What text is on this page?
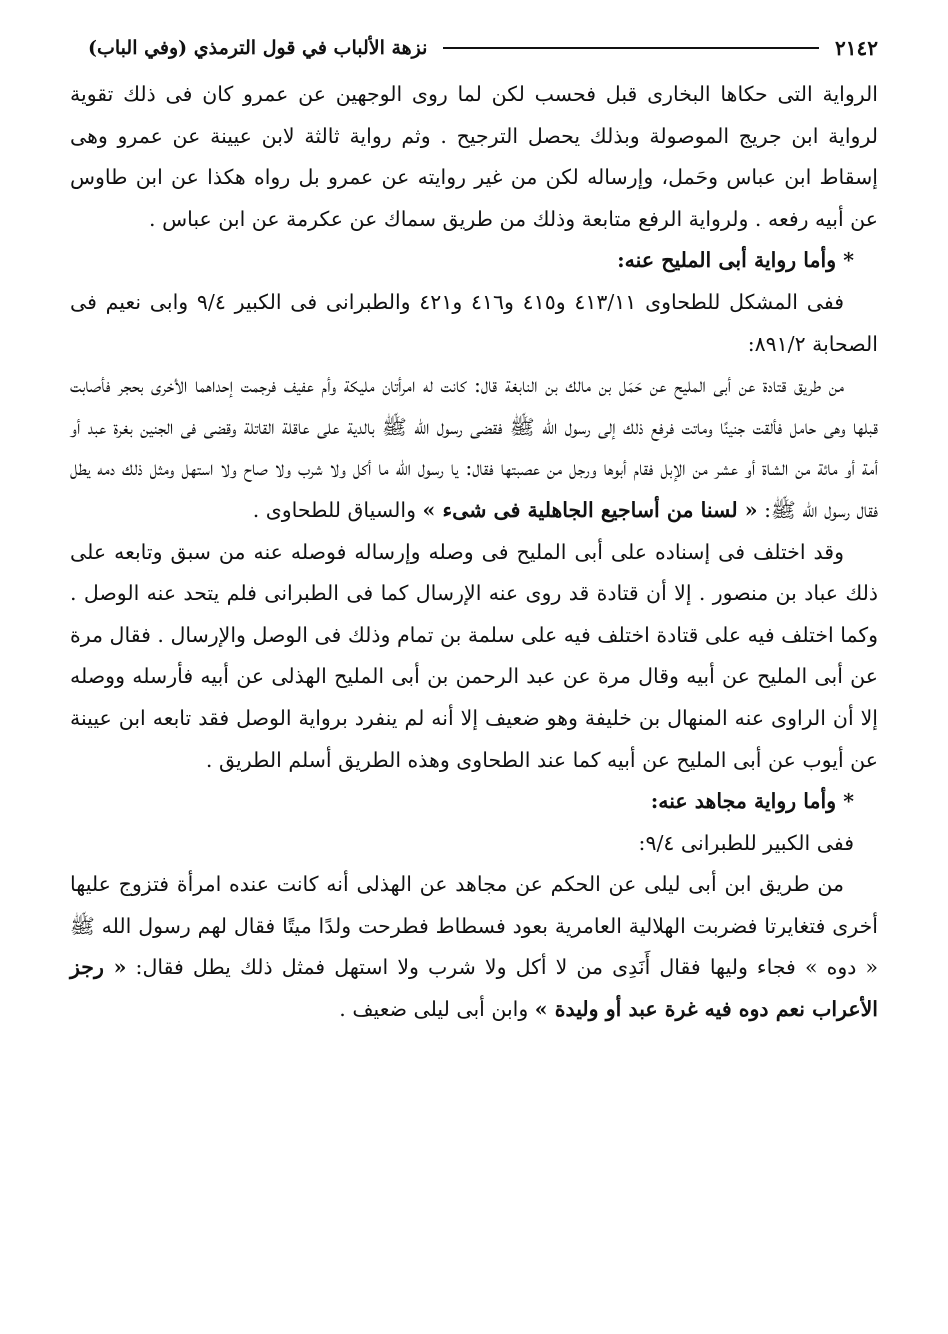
٢١٤٢
نزهة الألباب في قول الترمذي (وفي الباب)

الرواية التى حكاها البخارى قبل فحسب لكن لما روى الوجهين عن عمرو كان فى ذلك تقوية لرواية ابن جريج الموصولة وبذلك يحصل الترجيح . وثم رواية ثالثة لابن عيينة عن عمرو وهى إسقاط ابن عباس وحَمل، وإرساله لكن من غير روايته عن عمرو بل رواه هكذا عن ابن طاوس عن أبيه رفعه . ولرواية الرفع متابعة وذلك من طريق سماك عن عكرمة عن ابن عباس .

* وأما رواية أبى المليح عنه:

ففى المشكل للطحاوى ٤١٣/١١ و٤١٥ و٤١٦ و٤٢١ والطبرانى فى الكبير ٩/٤ وابى نعيم فى الصحابة ٨٩١/٢:

من طريق قتادة عن أبى المليح عن حَمَل بن مالك بن النابغة قال: كانت له امرأتان مليكة وأم عفيف فرجمت إحداهما الأخرى بحجر فأصابت قبلها وهى حامل فألقت جنينًا وماتت فرفع ذلك إلى رسول الله ﷺ فقضى رسول الله ﷺ بالدية على عاقلة القاتلة وقضى فى الجنين بغرة عبد أو أمة أو مائة من الشاة أو عشر من الإبل فقام أبوها ورجل من عصبتها فقال: يا رسول الله ما أكل ولا شرب ولا صاح ولا استهل ومثل ذلك دمه يطل فقال رسول الله ﷺ: « لسنا من أساجيع الجاهلية فى شىء » والسياق للطحاوى .

وقد اختلف فى إسناده على أبى المليح فى وصله وإرساله فوصله عنه من سبق وتابعه على ذلك عباد بن منصور . إلا أن قتادة قد روى عنه الإرسال كما فى الطبرانى فلم يتحد عنه الوصل . وكما اختلف فيه على قتادة اختلف فيه على سلمة بن تمام وذلك فى الوصل والإرسال . فقال مرة عن أبى المليح عن أبيه وقال مرة عن عبد الرحمن بن أبى المليح الهذلى عن أبيه فأرسله ووصله إلا أن الراوى عنه المنهال بن خليفة وهو ضعيف إلا أنه لم ينفرد برواية الوصل فقد تابعه ابن عيينة عن أيوب عن أبى المليح عن أبيه كما عند الطحاوى وهذه الطريق أسلم الطريق .

* وأما رواية مجاهد عنه:

ففى الكبير للطبرانى ٩/٤:

من طريق ابن أبى ليلى عن الحكم عن مجاهد عن الهذلى أنه كانت عنده امرأة فتزوج عليها أخرى فتغايرتا فضربت الهلالية العامرية بعود فسطاط فطرحت ولدًا ميتًا فقال لهم رسول الله ﷺ « دوه » فجاء وليها فقال أَنَدِى من لا أكل ولا شرب ولا استهل فمثل ذلك يطل فقال: « رجز الأعراب نعم دوه فيه غرة عبد أو وليدة » وابن أبى ليلى ضعيف .
